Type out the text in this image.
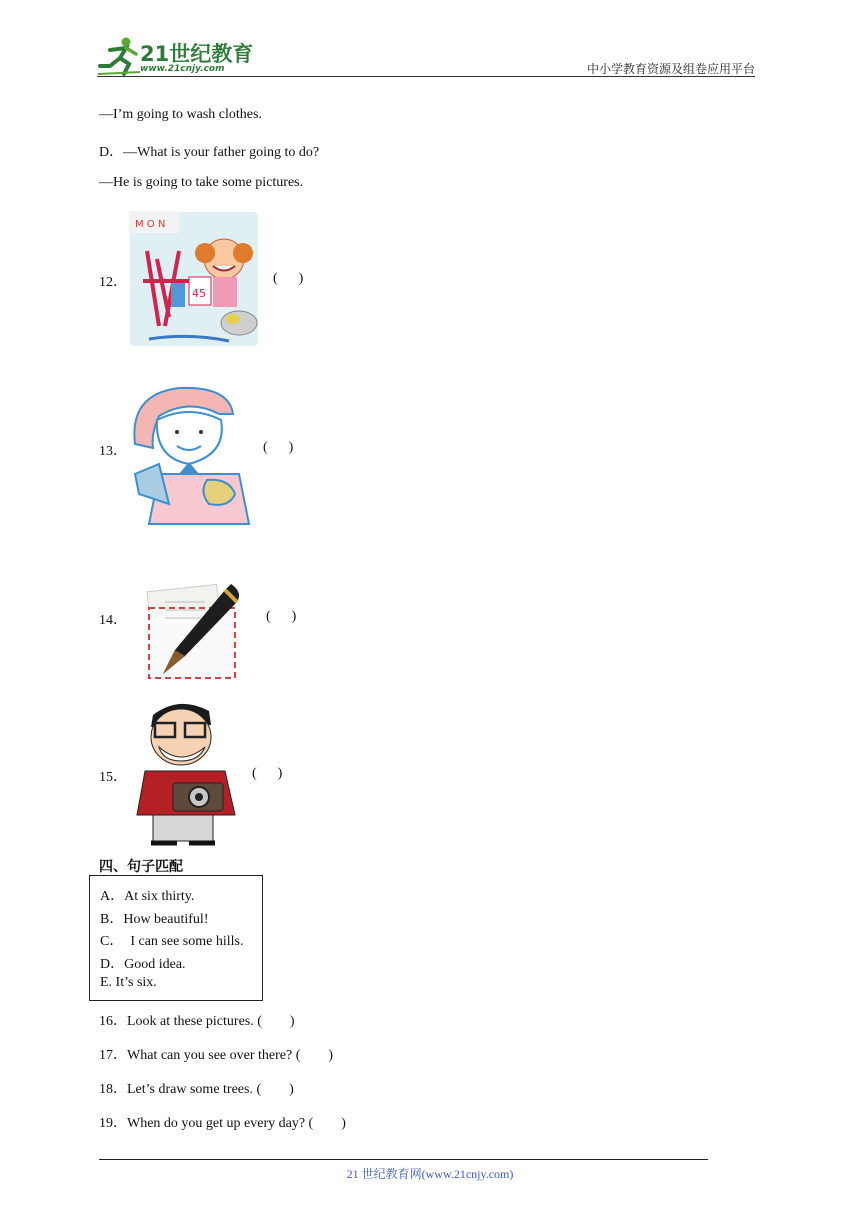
21世纪教育
www.21cnjy.com	中小学教育资源及组卷应用平台
—I’m going to wash clothes.
D．—What is your father going to do?
—He is going to take some pictures.
12．
M O N
45
(  )
13．	(  )
14．	(  )
15．	(  )
四、句子匹配
A．At six thirty.
B．How beautiful!
C． I can see some hills.
D．Good idea.
E. It’s six.
16．Look at these pictures. (  )
17．What can you see over there? (  )
18．Let’s draw some trees. (  )
19．When do you get up every day? (  )
21 世纪教育网(www.21cnjy.com)
